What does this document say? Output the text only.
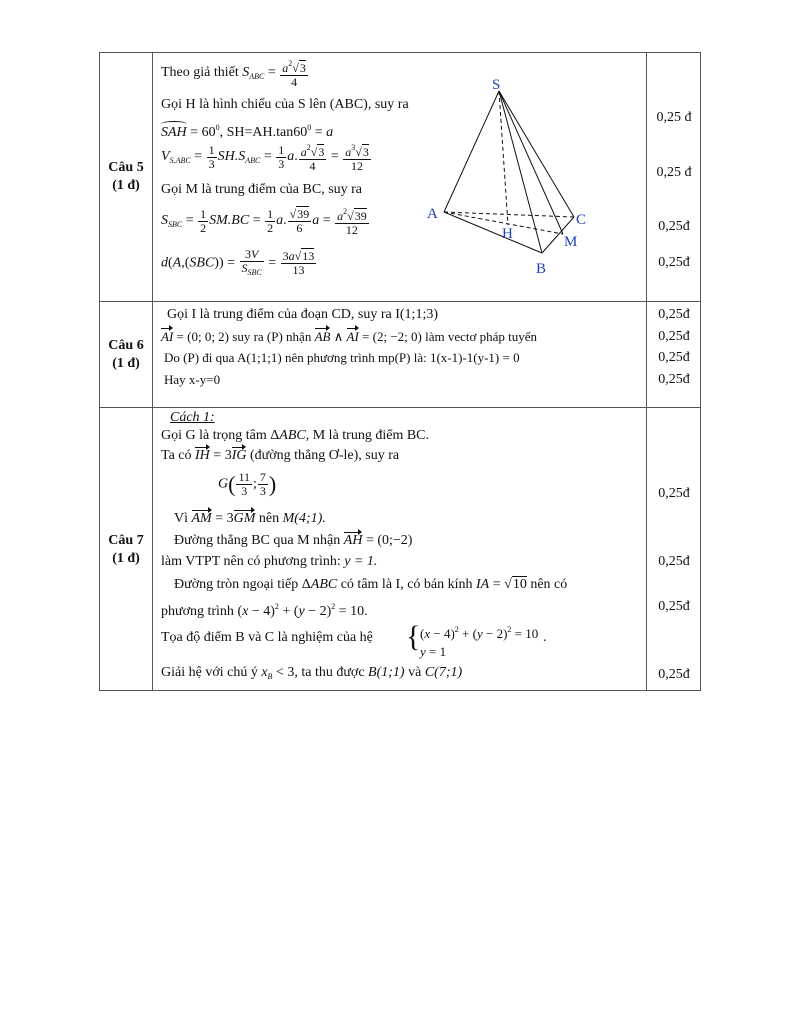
Câu 5
(1 đ)
Theo giả thiết $S_{ABC} = \frac{a^2√3}{4}$
Gọi H là hình chiếu của S lên (ABC), suy ra
SAH = $60^0$, $SH=AH.\tan 60^0 = a$
$V_{S.ABC} = \frac{1}{3} SH.S_{ABC} = \frac{1}{3} a$. $\frac{a^2√3}{4} = \frac{a^3√3}{12}$
Gọi M là trung điểm của BC, suy ra
$S_{SBC} = \frac{1}{2} SM.BC = \frac{1}{2} a$. $\frac{√39}{6}$ $a = \frac{a^2√39}{12}$
$d(A,(SBC)) = \frac{3V}{S_{SBC}} = \frac{3a√13}{13}$
S
A
H
C
M
B
0,25 đ
0,25 đ
0,25đ
0,25đ
Câu 6
(1 đ)
Gọi I là trung điểm của đoạn CD, suy ra I(1;1;3)
AI = (0; 0; 2) suy ra (P) nhận AB ∧ AI = (2; −2; 0) làm vectơ pháp tuyến
Do (P) đi qua A(1;1;1) nên phương trình mp(P) là: 1(x-1)-1(y-1) = 0
Hay x-y=0
0,25đ
0,25đ
0,25đ
0,25đ
Câu 7
(1 đ)
Cách 1:
Gọi G là trọng tâm ΔABC, M là trung điểm BC.
Ta có IH = 3IG (đường thẳng Ơ-le), suy ra
$G( \frac{11}{3}$ ; $\frac{7}{3}$ )
Vì AM = 3GM nên M(4;1).
Đường thẳng BC qua M nhận AH = (0;−2)
làm VTPT nên có phương trình: y = 1.
Đường tròn ngoại tiếp ΔABC có tâm là I, có bán kính IA = √10 nên có
phương trình $(x - 4)^2 + (y - 2)^2 = 10$.
Tọa độ điểm B và C là nghiệm của hệ { $(x - 4)^2 + (y - 2)^2 = 10$
y = 1
.
Giải hệ với chú ý $x_B < 3$, ta thu được B(1;1) và C(7;1)
0,25đ
0,25đ
0,25đ
0,25đ
